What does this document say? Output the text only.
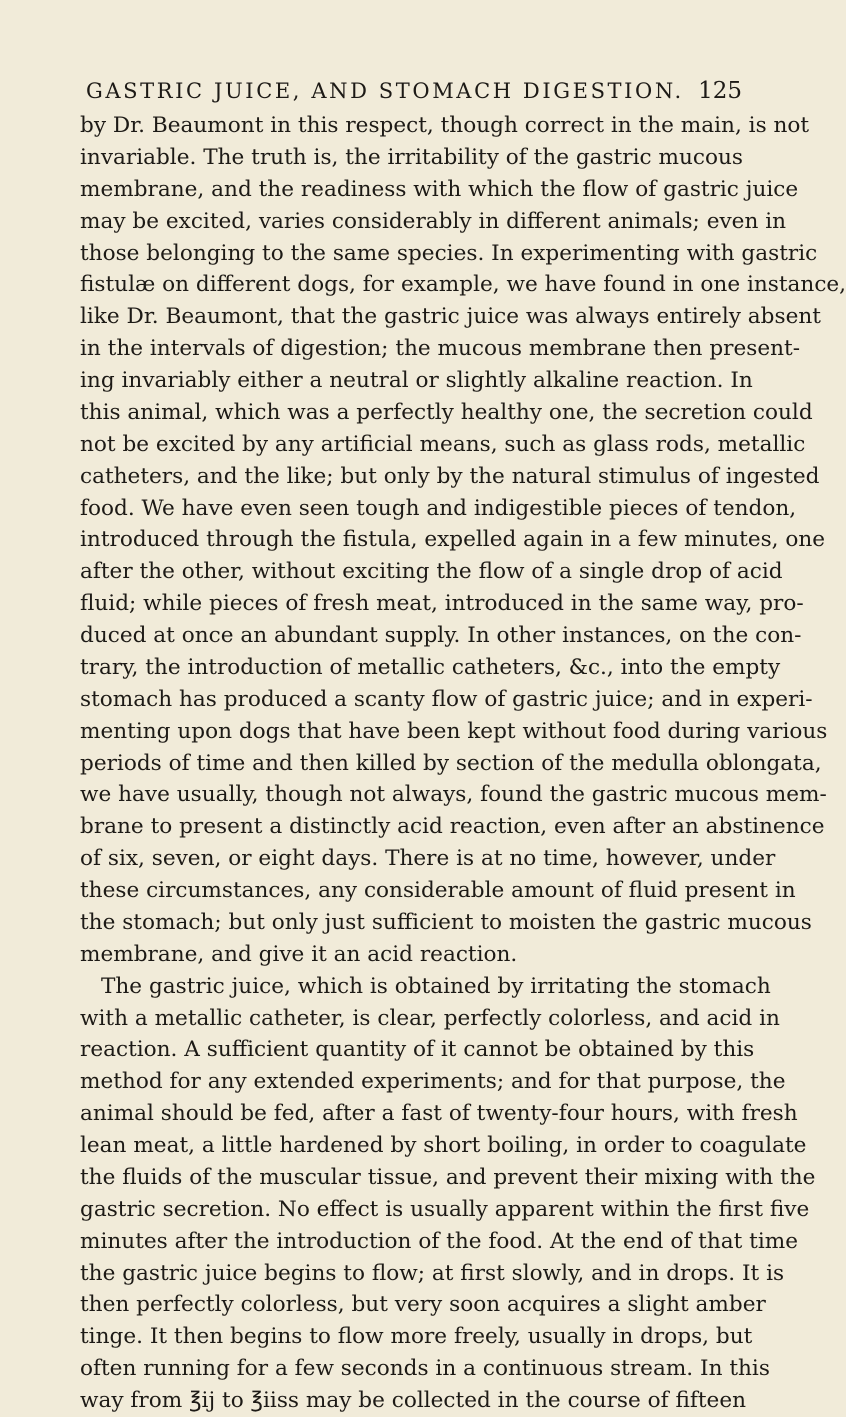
GASTRIC JUICE, AND STOMACH DIGESTION. 125
by Dr. Beaumont in this respect, though correct in the main, is not
invariable. The truth is, the irritability of the gastric mucous
membrane, and the readiness with which the flow of gastric juice
may be excited, varies considerably in different animals; even in
those belonging to the same species. In experimenting with gastric
fistulæ on different dogs, for example, we have found in one instance,
like Dr. Beaumont, that the gastric juice was always entirely absent
in the intervals of digestion; the mucous membrane then present-
ing invariably either a neutral or slightly alkaline reaction. In
this animal, which was a perfectly healthy one, the secretion could
not be excited by any artificial means, such as glass rods, metallic
catheters, and the like; but only by the natural stimulus of ingested
food. We have even seen tough and indigestible pieces of tendon,
introduced through the fistula, expelled again in a few minutes, one
after the other, without exciting the flow of a single drop of acid
fluid; while pieces of fresh meat, introduced in the same way, pro-
duced at once an abundant supply. In other instances, on the con-
trary, the introduction of metallic catheters, &c., into the empty
stomach has produced a scanty flow of gastric juice; and in experi-
menting upon dogs that have been kept without food during various
periods of time and then killed by section of the medulla oblongata,
we have usually, though not always, found the gastric mucous mem-
brane to present a distinctly acid reaction, even after an abstinence
of six, seven, or eight days. There is at no time, however, under
these circumstances, any considerable amount of fluid present in
the stomach; but only just sufficient to moisten the gastric mucous
membrane, and give it an acid reaction.
The gastric juice, which is obtained by irritating the stomach
with a metallic catheter, is clear, perfectly colorless, and acid in
reaction. A sufficient quantity of it cannot be obtained by this
method for any extended experiments; and for that purpose, the
animal should be fed, after a fast of twenty-four hours, with fresh
lean meat, a little hardened by short boiling, in order to coagulate
the fluids of the muscular tissue, and prevent their mixing with the
gastric secretion. No effect is usually apparent within the first five
minutes after the introduction of the food. At the end of that time
the gastric juice begins to flow; at first slowly, and in drops. It is
then perfectly colorless, but very soon acquires a slight amber
tinge. It then begins to flow more freely, usually in drops, but
often running for a few seconds in a continuous stream. In this
way from ℥ij to ℥iiss may be collected in the course of fifteen
